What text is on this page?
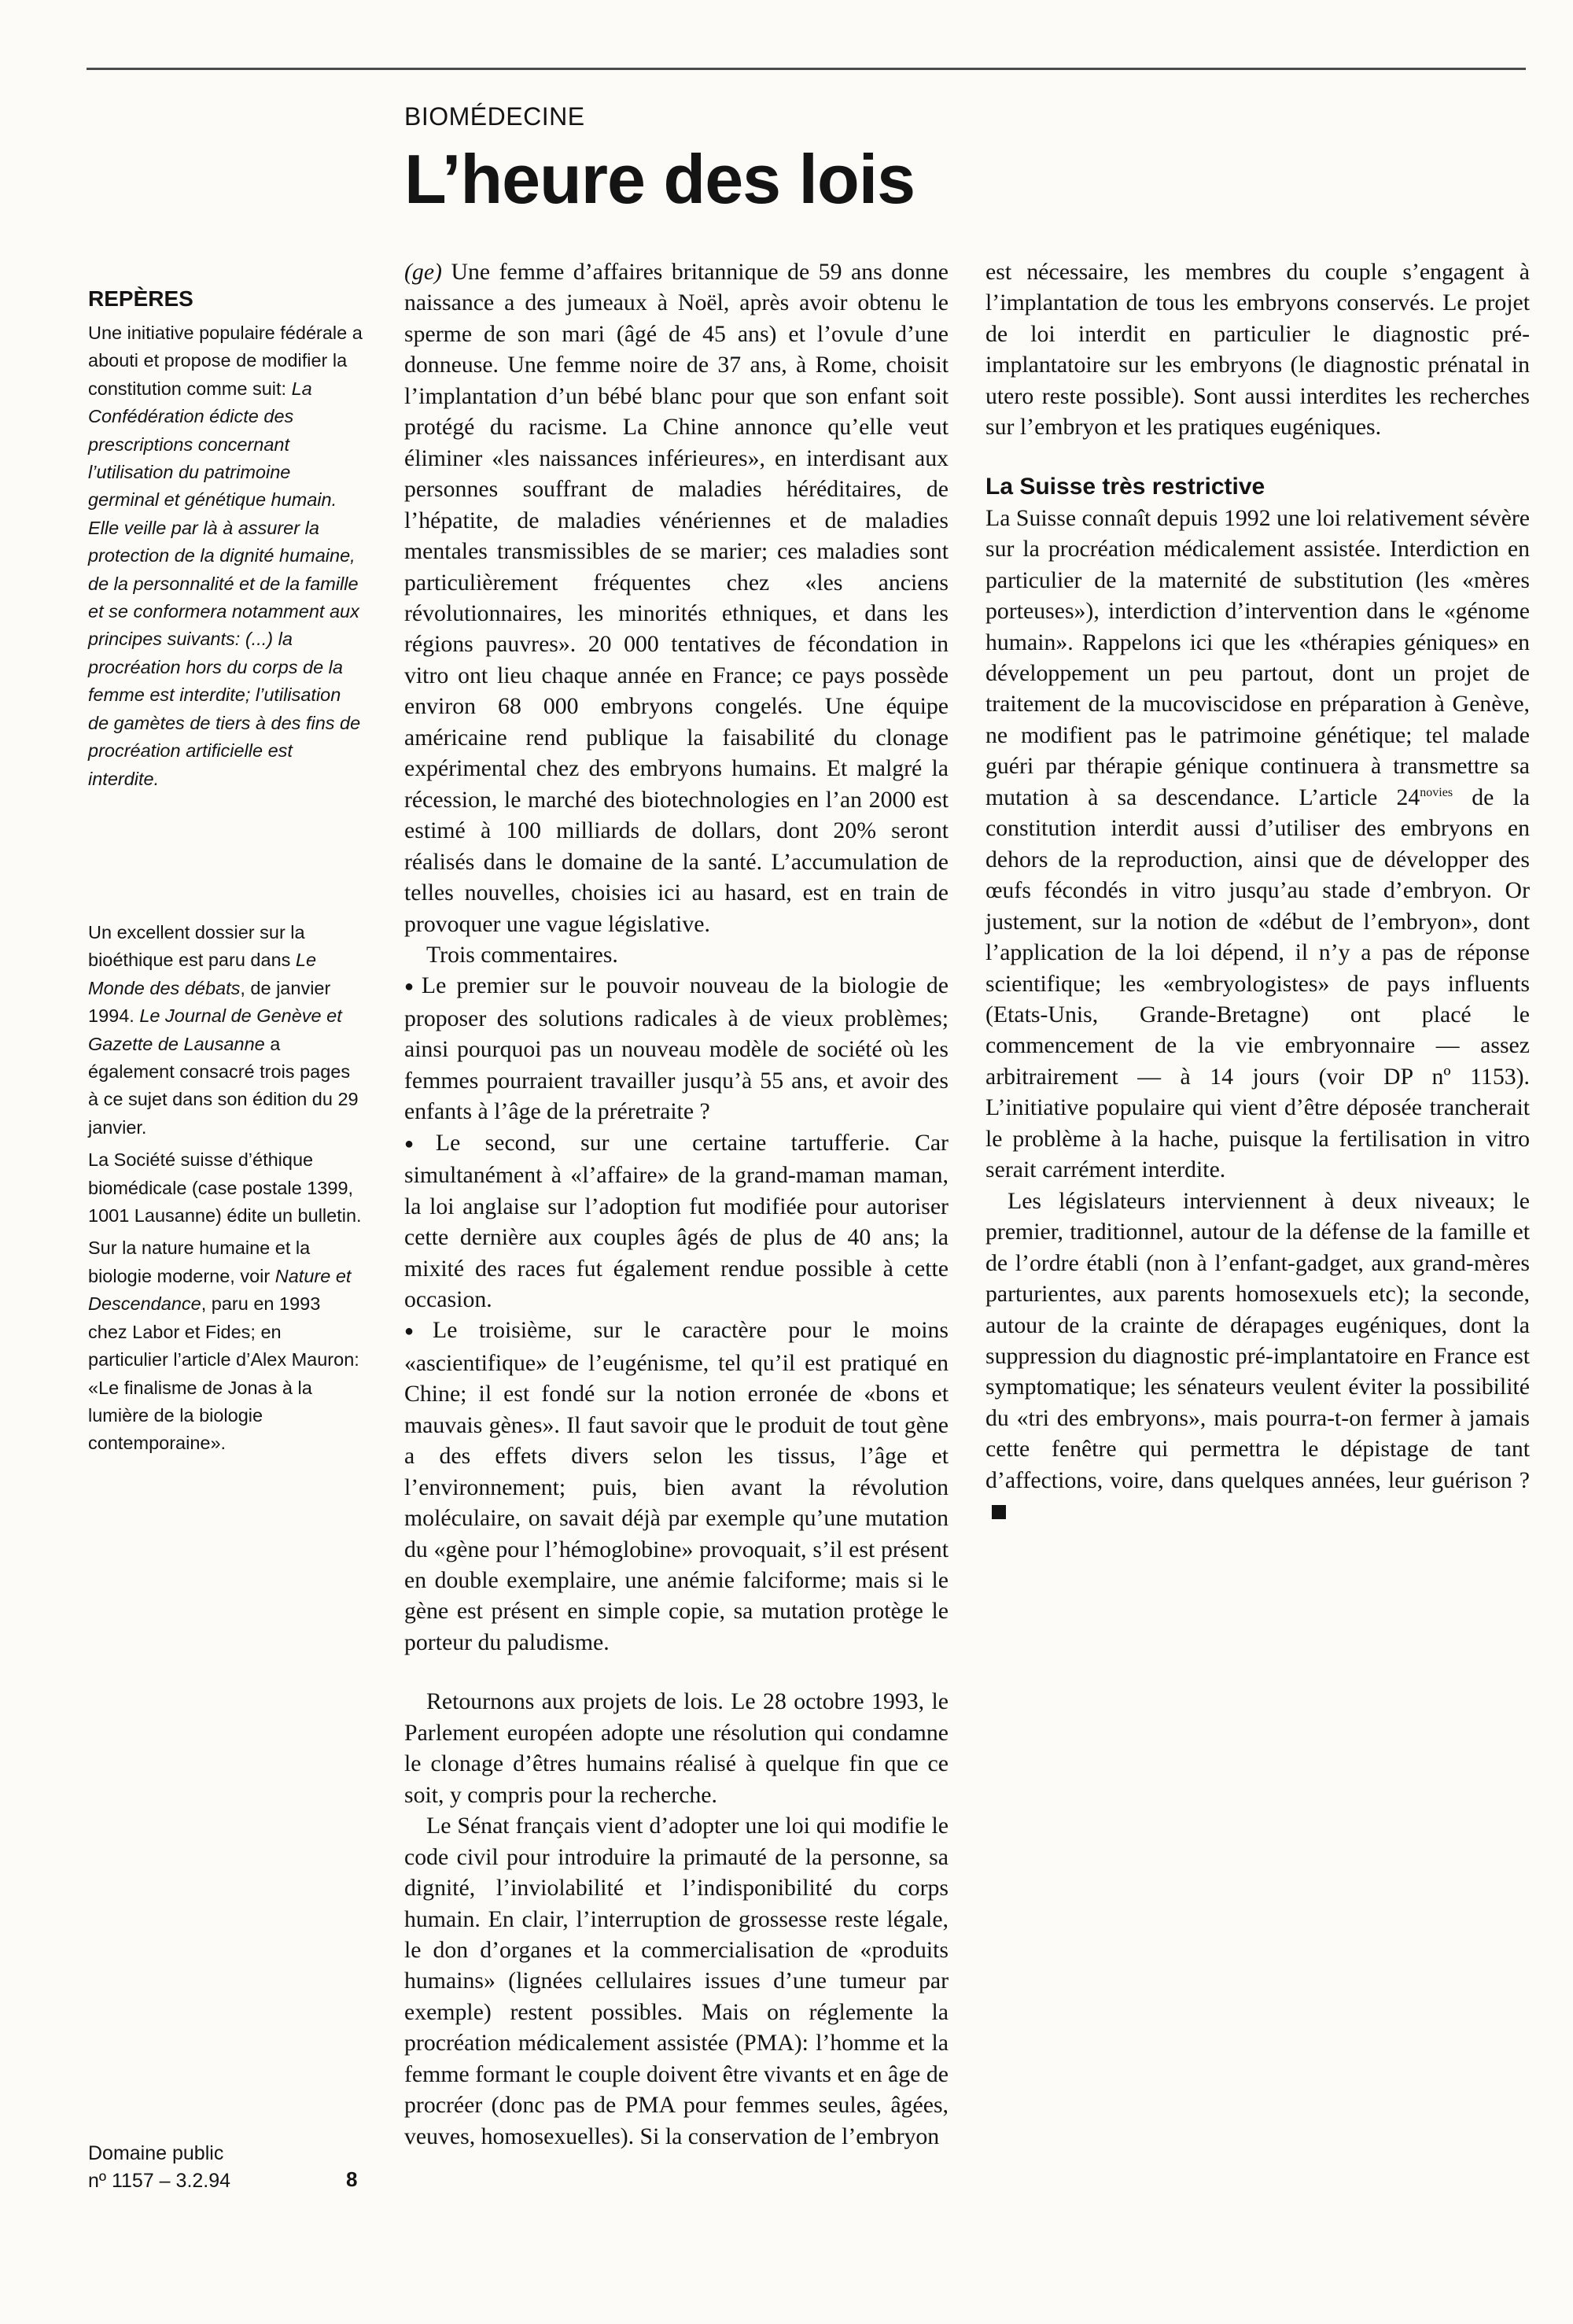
BIOMÉDECINE
L’heure des lois

REPÈRES

Une initiative populaire fédérale a abouti et propose de modifier la constitution comme suit: La Confédération édicte des prescriptions concernant l’utilisation du patrimoine germinal et génétique humain. Elle veille par là à assurer la protection de la dignité humaine, de la personnalité et de la famille et se conformera notamment aux principes suivants: (...) la procréation hors du corps de la femme est interdite; l’utilisation de gamètes de tiers à des fins de procréation artificielle est interdite.

Un excellent dossier sur la bioéthique est paru dans Le Monde des débats, de janvier 1994. Le Journal de Genève et Gazette de Lausanne a également consacré trois pages à ce sujet dans son édition du 29 janvier.

La Société suisse d’éthique biomédicale (case postale 1399, 1001 Lausanne) édite un bulletin.

Sur la nature humaine et la biologie moderne, voir Nature et Descendance, paru en 1993 chez Labor et Fides; en particulier l’article d’Alex Mauron: «Le finalisme de Jonas à la lumière de la biologie contemporaine».

Domaine public
nº 1157 – 3.2.94	8

(ge) Une femme d’affaires britannique de 59 ans donne naissance a des jumeaux à Noël, après avoir obtenu le sperme de son mari (âgé de 45 ans) et l’ovule d’une donneuse. Une femme noire de 37 ans, à Rome, choisit l’implantation d’un bébé blanc pour que son enfant soit protégé du racisme. La Chine annonce qu’elle veut éliminer «les naissances inférieures», en interdisant aux personnes souffrant de maladies héréditaires, de l’hépatite, de maladies vénériennes et de maladies mentales transmissibles de se marier; ces maladies sont particulièrement fréquentes chez «les anciens révolutionnaires, les minorités ethniques, et dans les régions pauvres». 20 000 tentatives de fécondation in vitro ont lieu chaque année en France; ce pays possède environ 68 000 embryons congelés. Une équipe américaine rend publique la faisabilité du clonage expérimental chez des embryons humains. Et malgré la récession, le marché des biotechnologies en l’an 2000 est estimé à 100 milliards de dollars, dont 20% seront réalisés dans le domaine de la santé. L’accumulation de telles nouvelles, choisies ici au hasard, est en train de provoquer une vague législative.

Trois commentaires.

● Le premier sur le pouvoir nouveau de la biologie de proposer des solutions radicales à de vieux problèmes; ainsi pourquoi pas un nouveau modèle de société où les femmes pourraient travailler jusqu’à 55 ans, et avoir des enfants à l’âge de la préretraite ?

● Le second, sur une certaine tartufferie. Car simultanément à «l’affaire» de la grand-maman maman, la loi anglaise sur l’adoption fut modifiée pour autoriser cette dernière aux couples âgés de plus de 40 ans; la mixité des races fut également rendue possible à cette occasion.

● Le troisième, sur le caractère pour le moins «ascientifique» de l’eugénisme, tel qu’il est pratiqué en Chine; il est fondé sur la notion erronée de «bons et mauvais gènes». Il faut savoir que le produit de tout gène a des effets divers selon les tissus, l’âge et l’environnement; puis, bien avant la révolution moléculaire, on savait déjà par exemple qu’une mutation du «gène pour l’hémoglobine» provoquait, s’il est présent en double exemplaire, une anémie falciforme; mais si le gène est présent en simple copie, sa mutation protège le porteur du paludisme.

Retournons aux projets de lois. Le 28 octobre 1993, le Parlement européen adopte une résolution qui condamne le clonage d’êtres humains réalisé à quelque fin que ce soit, y compris pour la recherche.

Le Sénat français vient d’adopter une loi qui modifie le code civil pour introduire la primauté de la personne, sa dignité, l’inviolabilité et l’indisponibilité du corps humain. En clair, l’interruption de grossesse reste légale, le don d’organes et la commercialisation de «produits humains» (lignées cellulaires issues d’une tumeur par exemple) restent possibles. Mais on réglemente la procréation médicalement assistée (PMA): l’homme et la femme formant le couple doivent être vivants et en âge de procréer (donc pas de PMA pour femmes seules, âgées, veuves, homosexuelles). Si la conservation de l’embryon

est nécessaire, les membres du couple s’engagent à l’implantation de tous les embryons conservés. Le projet de loi interdit en particulier le diagnostic pré-implantatoire sur les embryons (le diagnostic prénatal in utero reste possible). Sont aussi interdites les recherches sur l’embryon et les pratiques eugéniques.

La Suisse très restrictive

La Suisse connaît depuis 1992 une loi relativement sévère sur la procréation médicalement assistée. Interdiction en particulier de la maternité de substitution (les «mères porteuses»), interdiction d’intervention dans le «génome humain». Rappelons ici que les «thérapies géniques» en développement un peu partout, dont un projet de traitement de la mucoviscidose en préparation à Genève, ne modifient pas le patrimoine génétique; tel malade guéri par thérapie génique continuera à transmettre sa mutation à sa descendance. L’article $24^{novies}$ de la constitution interdit aussi d’utiliser des embryons en dehors de la reproduction, ainsi que de développer des œufs fécondés in vitro jusqu’au stade d’embryon. Or justement, sur la notion de «début de l’embryon», dont l’application de la loi dépend, il n’y a pas de réponse scientifique; les «embryologistes» de pays influents (Etats-Unis, Grande-Bretagne) ont placé le commencement de la vie embryonnaire — assez arbitrairement — à 14 jours (voir DP nº 1153). L’initiative populaire qui vient d’être déposée trancherait le problème à la hache, puisque la fertilisation in vitro serait carrément interdite.

Les législateurs interviennent à deux niveaux; le premier, traditionnel, autour de la défense de la famille et de l’ordre établi (non à l’enfant-gadget, aux grand-mères parturientes, aux parents homosexuels etc); la seconde, autour de la crainte de dérapages eugéniques, dont la suppression du diagnostic pré-implantatoire en France est symptomatique; les sénateurs veulent éviter la possibilité du «tri des embryons», mais pourra-t-on fermer à jamais cette fenêtre qui permettra le dépistage de tant d’affections, voire, dans quelques années, leur guérison ?
